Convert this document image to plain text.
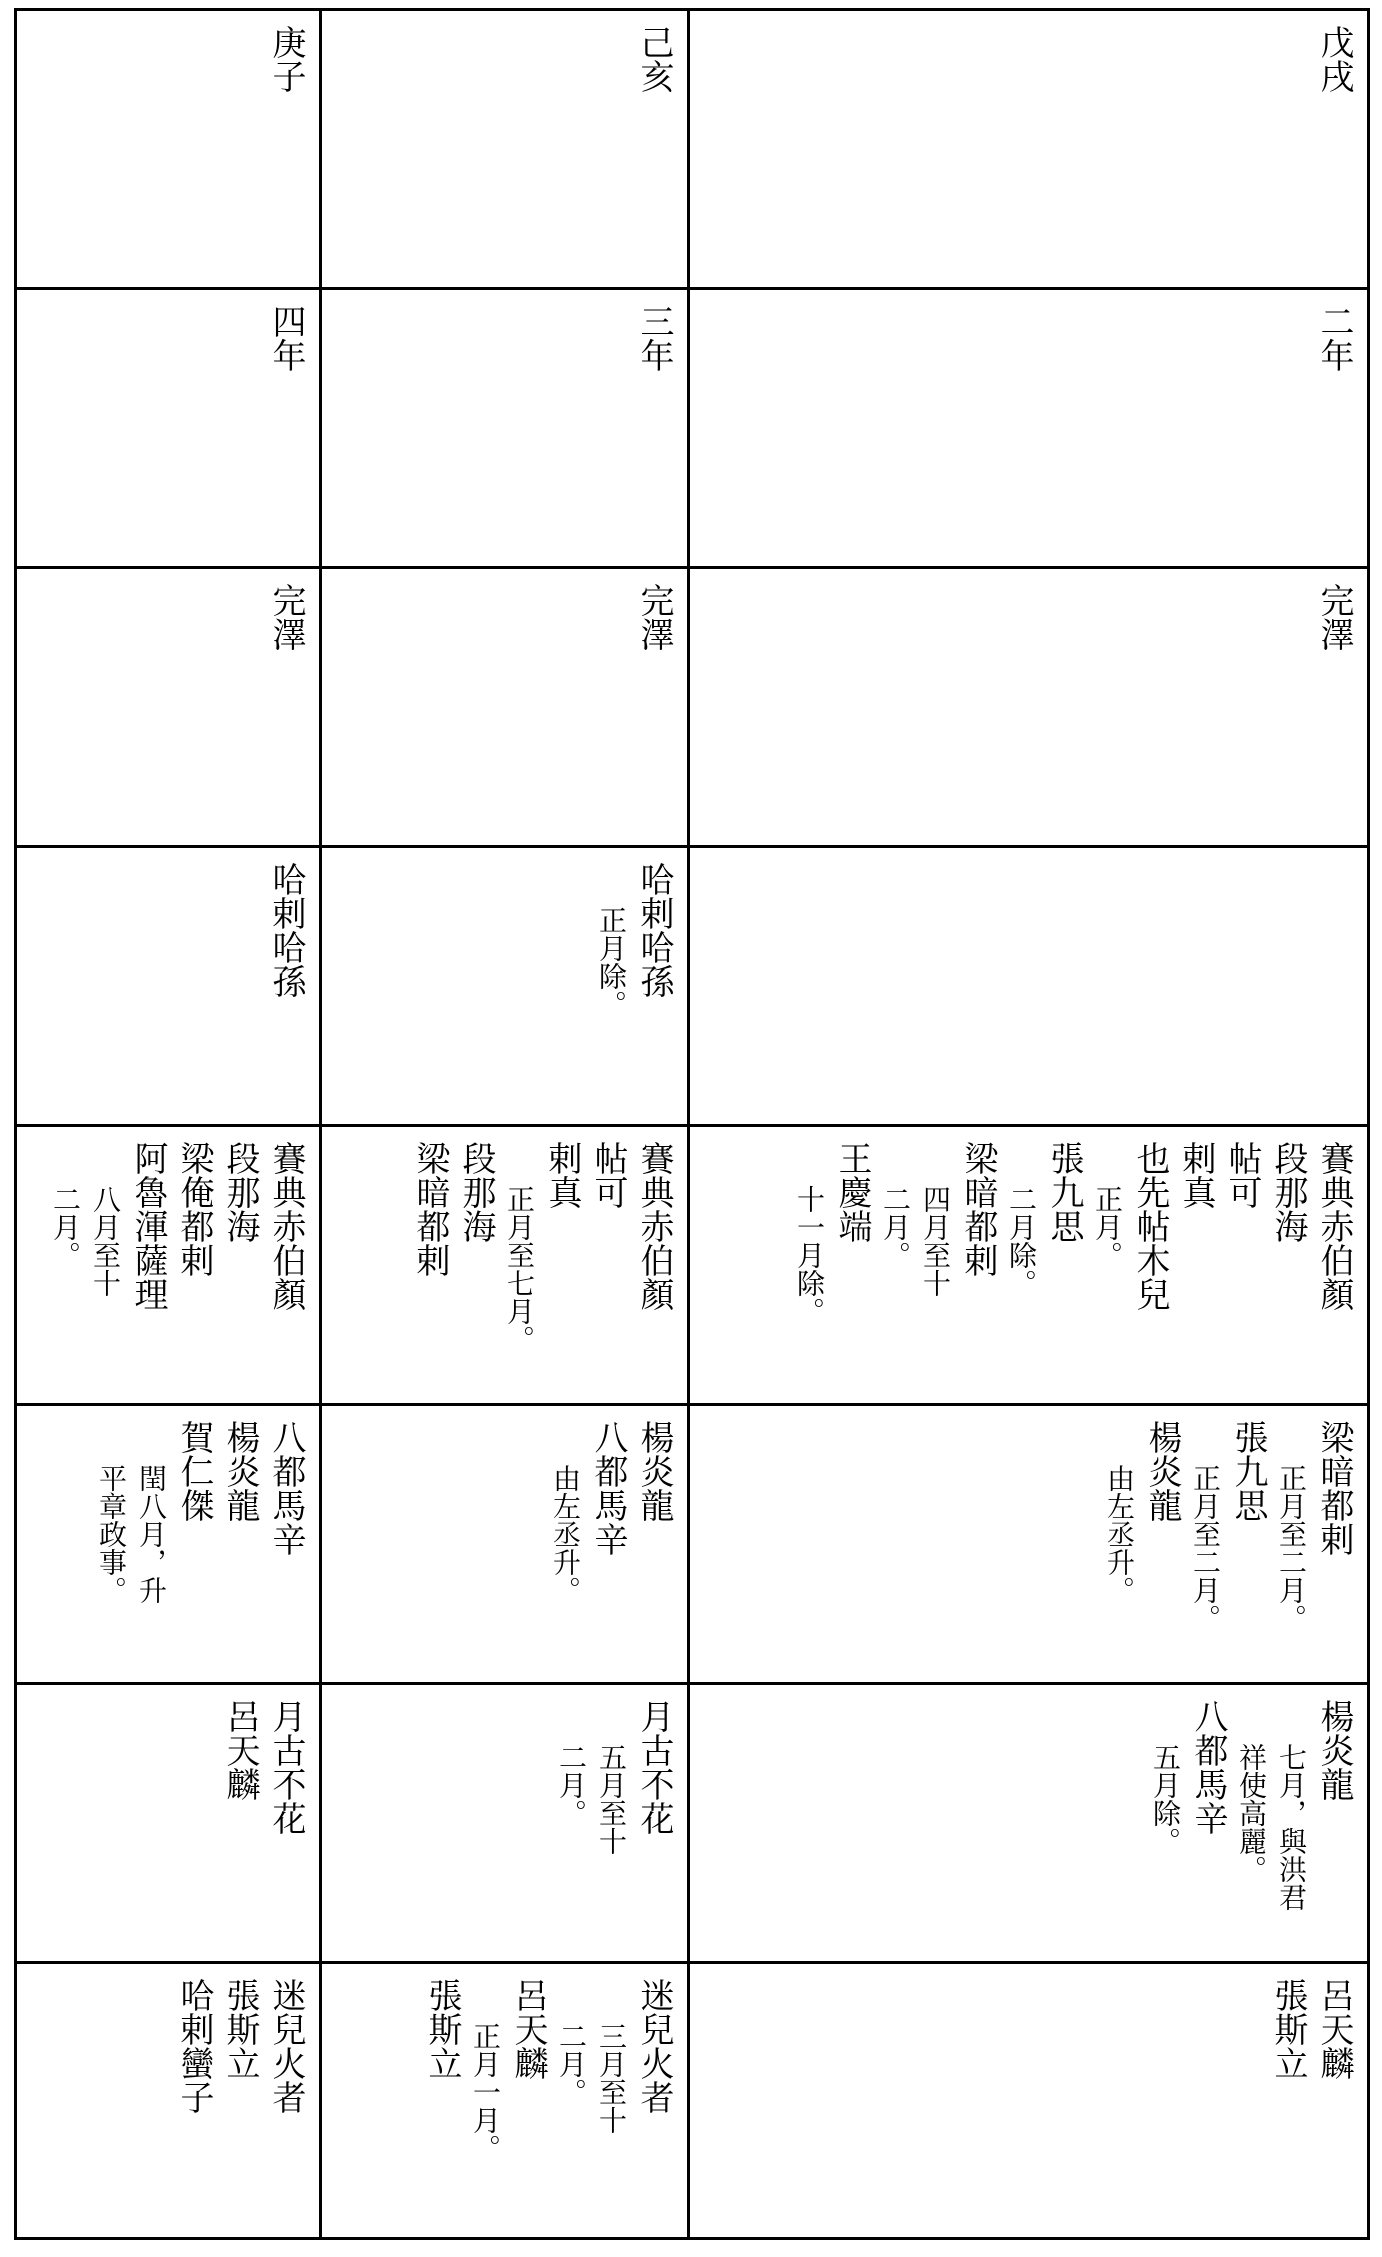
戊戌
二年
完澤
賽典赤伯顏
段那海
帖可
剌真
也先帖木兒
正月。
張九思
二月除。
梁暗都剌
四月至十
二月。
王慶端
十一月除。
梁暗都剌
正月至二月。
張九思
正月至二月。
楊炎龍
由左丞升。
楊炎龍
七月，與洪君
祥使高麗。
八都馬辛
五月除。
呂天麟
張斯立
己亥
三年
完澤
哈剌哈孫
正月除。
賽典赤伯顏
帖可
剌真
正月至七月。
段那海
梁暗都剌
楊炎龍
八都馬辛
由左丞升。
月古不花
五月至十
二月。
迷兒火者
三月至十
二月。
呂天麟
正月一月。
張斯立
庚子
四年
完澤
哈剌哈孫
賽典赤伯顏
段那海
梁俺都剌
阿魯渾薩理
八月至十
二月。
八都馬辛
楊炎龍
賀仁傑
閏八月，升
平章政事。
月古不花
呂天麟
迷兒火者
張斯立
哈剌蠻子
